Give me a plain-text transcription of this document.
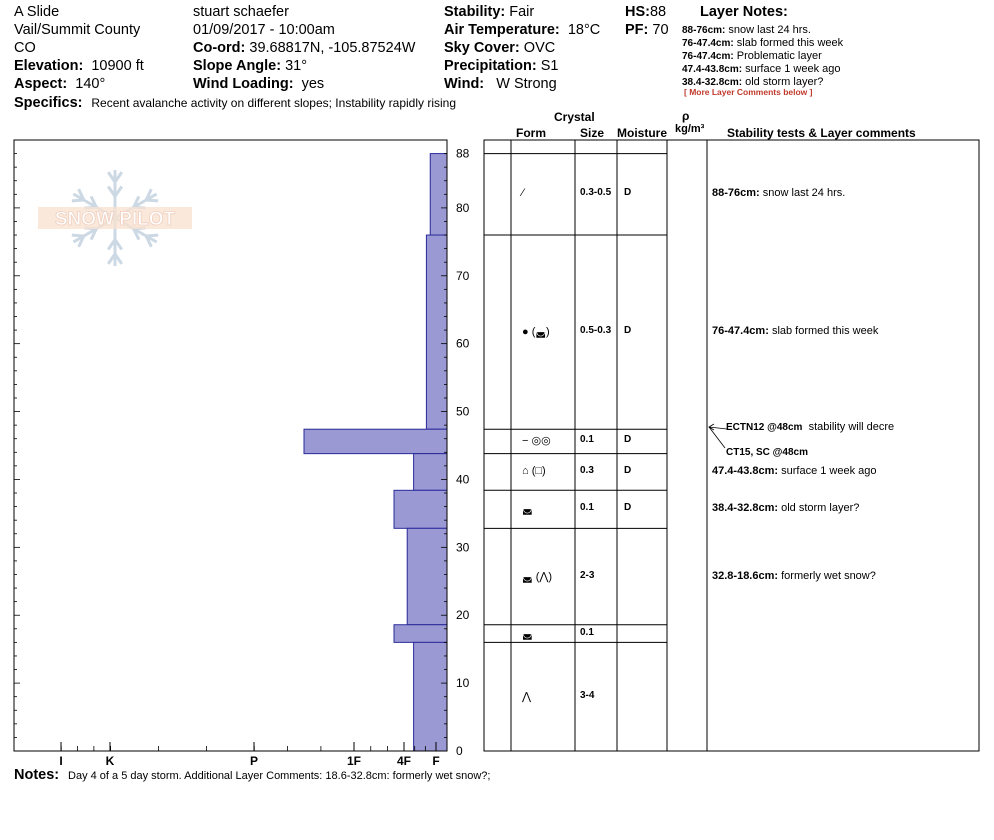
A Slide
Vail/Summit County
CO
Elevation: 10900 ft
Aspect: 140°
Specifics: Recent avalanche activity on different slopes; Instability rapidly rising
stuart schaefer
01/09/2017 - 10:00am
Co-ord: 39.68817N, -105.87524W
Slope Angle: 31°
Wind Loading: yes
Stability: Fair
Air Temperature: 18°C
Sky Cover: OVC
Precipitation: S1
Wind: W Strong
HS:88
PF: 70
Layer Notes:
88-76cm: snow last 24 hrs.
76-47.4cm: slab formed this week
76-47.4cm: Problematic layer
47.4-43.8cm: surface 1 week ago
38.4-32.8cm: old storm layer?
[ More Layer Comments below ]
Crystal
Form	Size Moisture
ρ
kg/m³ Stability tests & Layer comments
SNOW PILOT
I	K	P	1F	4F F
0
10
20
30
40
50
60
70
80
88
⁄	0.3-0.5 D	88-76cm: snow last 24 hrs.
● (◛)	0.5-0.3 D	76-47.4cm: slab formed this week
− ◎◎	0.1	D
⌂ (□)	0.3	D	47.4-43.8cm: surface 1 week ago
◛	0.1	D	38.4-32.8cm: old storm layer?
◛ (⋀)	2-3	32.8-18.6cm: formerly wet snow?
◛	0.1
⋀	3-4
ECTN12 @48cm stability will decre
CT15, SC @48cm
Notes: Day 4 of a 5 day storm. Additional Layer Comments: 18.6-32.8cm: formerly wet snow?;
